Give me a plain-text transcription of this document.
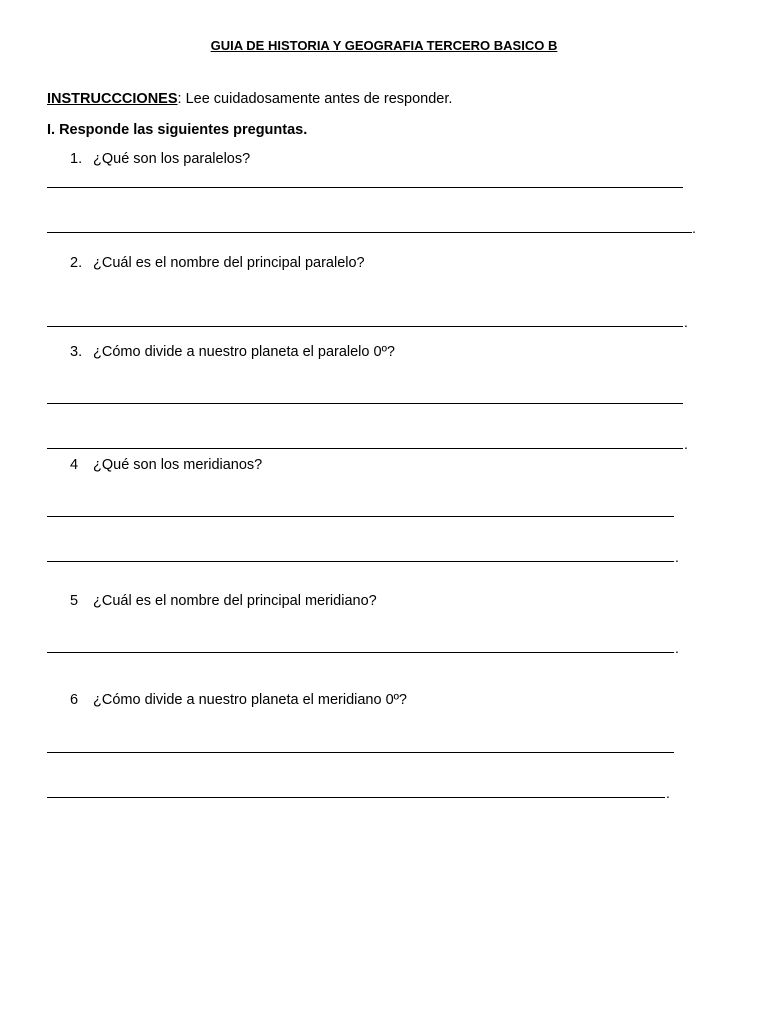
GUIA DE HISTORIA Y GEOGRAFIA TERCERO BASICO B
INSTRUCCCIONES: Lee cuidadosamente antes de responder.
I. Responde las siguientes preguntas.
1. ¿Qué son los paralelos?
.
2. ¿Cuál es el nombre del principal paralelo?
.
3. ¿Cómo divide a nuestro planeta el paralelo 0º?
.
4 ¿Qué son los meridianos?
.
5 ¿Cuál es el nombre del principal meridiano?
.
6 ¿Cómo divide a nuestro planeta el meridiano 0º?
.
